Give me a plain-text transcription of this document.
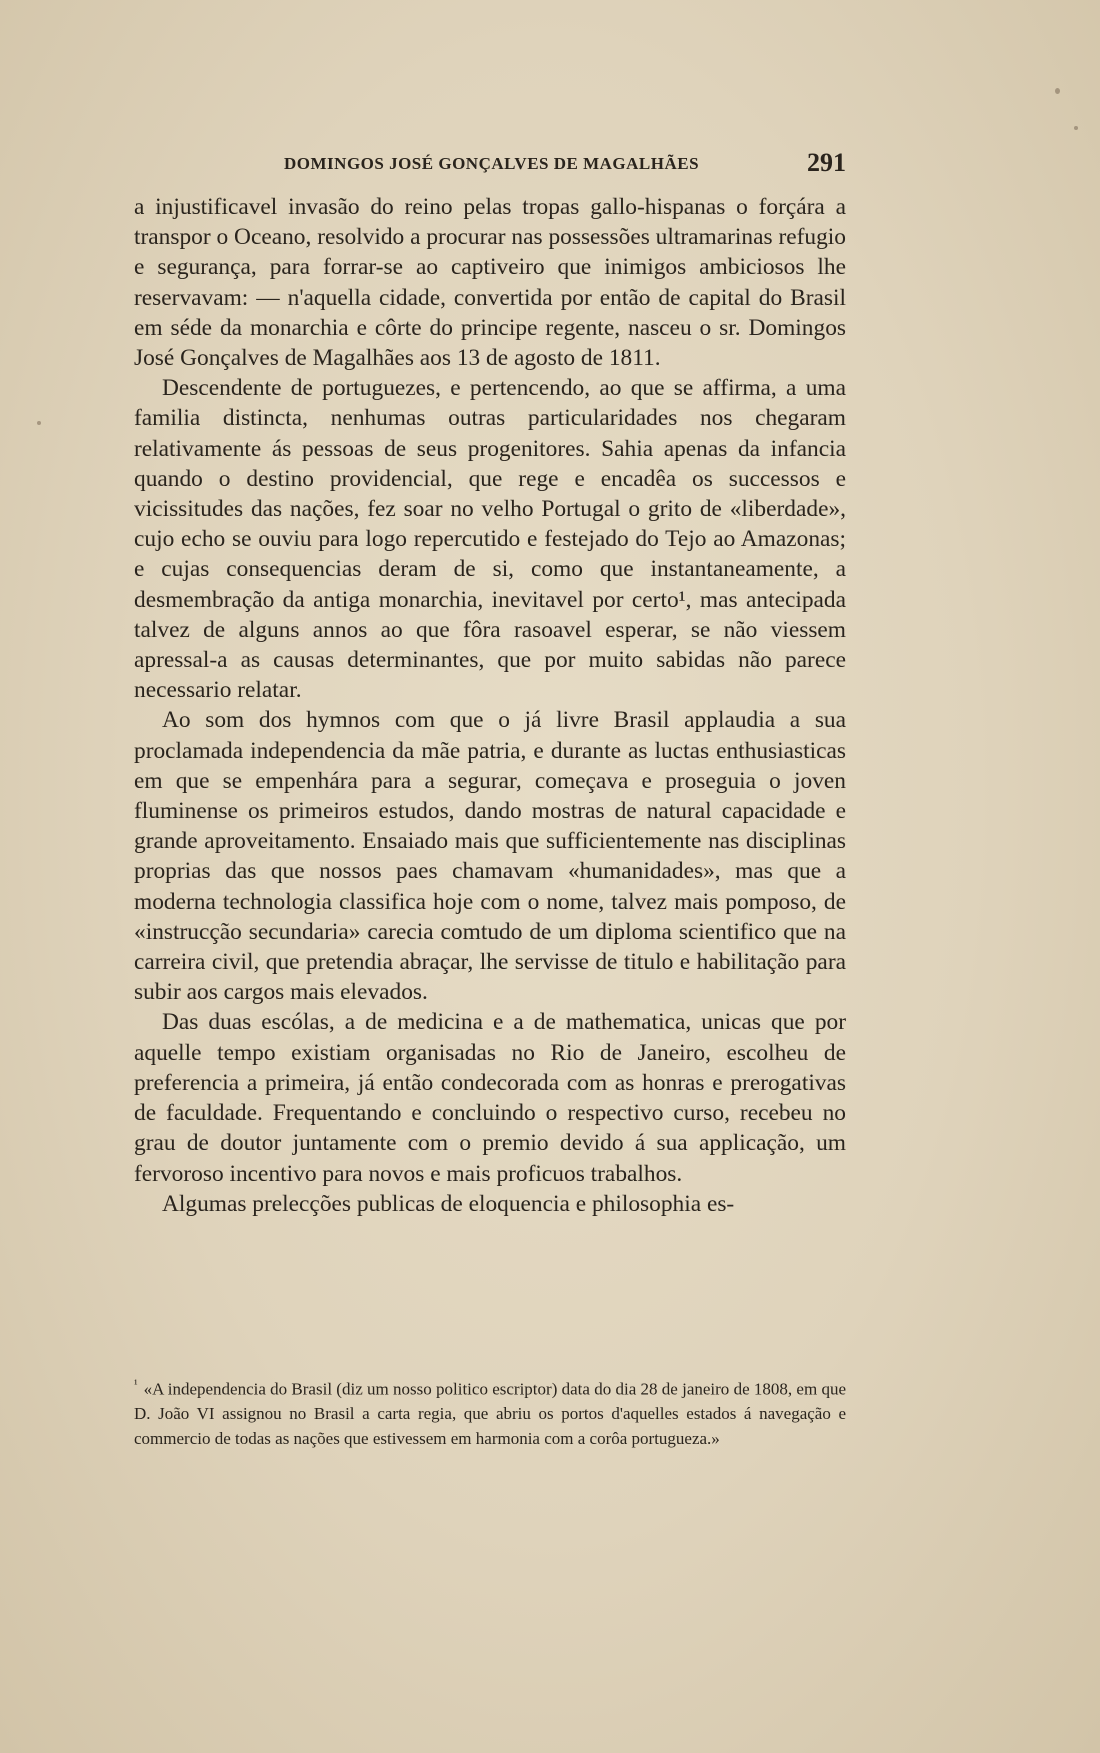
DOMINGOS JOSÉ GONÇALVES DE MAGALHÃES	291

a injustificavel invasão do reino pelas tropas gallo-hispanas o forçára a transpor o Oceano, resolvido a procurar nas possessões ultramarinas refugio e segurança, para forrar-se ao captiveiro que inimigos ambiciosos lhe reservavam: — n'aquella cidade, convertida por então de capital do Brasil em séde da monarchia e côrte do principe regente, nasceu o sr. Domingos José Gonçalves de Magalhães aos 13 de agosto de 1811.

Descendente de portuguezes, e pertencendo, ao que se affirma, a uma familia distincta, nenhumas outras particularidades nos chegaram relativamente ás pessoas de seus progenitores. Sahia apenas da infancia quando o destino providencial, que rege e encadêa os successos e vicissitudes das nações, fez soar no velho Portugal o grito de «liberdade», cujo echo se ouviu para logo repercutido e festejado do Tejo ao Amazonas; e cujas consequencias deram de si, como que instantaneamente, a desmembração da antiga monarchia, inevitavel por certo¹, mas antecipada talvez de alguns annos ao que fôra rasoavel esperar, se não viessem apressal-a as causas determinantes, que por muito sabidas não parece necessario relatar.

Ao som dos hymnos com que o já livre Brasil applaudia a sua proclamada independencia da mãe patria, e durante as luctas enthusiasticas em que se empenhára para a segurar, começava e proseguia o joven fluminense os primeiros estudos, dando mostras de natural capacidade e grande aproveitamento. Ensaiado mais que sufficientemente nas disciplinas proprias das que nossos paes chamavam «humanidades», mas que a moderna technologia classifica hoje com o nome, talvez mais pomposo, de «instrucção secundaria» carecia comtudo de um diploma scientifico que na carreira civil, que pretendia abraçar, lhe servisse de titulo e habilitação para subir aos cargos mais elevados.

Das duas escólas, a de medicina e a de mathematica, unicas que por aquelle tempo existiam organisadas no Rio de Janeiro, escolheu de preferencia a primeira, já então condecorada com as honras e prerogativas de faculdade. Frequentando e concluindo o respectivo curso, recebeu no grau de doutor juntamente com o premio devido á sua applicação, um fervoroso incentivo para novos e mais proficuos trabalhos.

Algumas prelecções publicas de eloquencia e philosophia es-

$^{^1}$ «A independencia do Brasil (diz um nosso politico escriptor) data do dia 28 de janeiro de 1808, em que D. João VI assignou no Brasil a carta regia, que abriu os portos d'aquelles estados á navegação e commercio de todas as nações que estivessem em harmonia com a corôa portugueza.»
